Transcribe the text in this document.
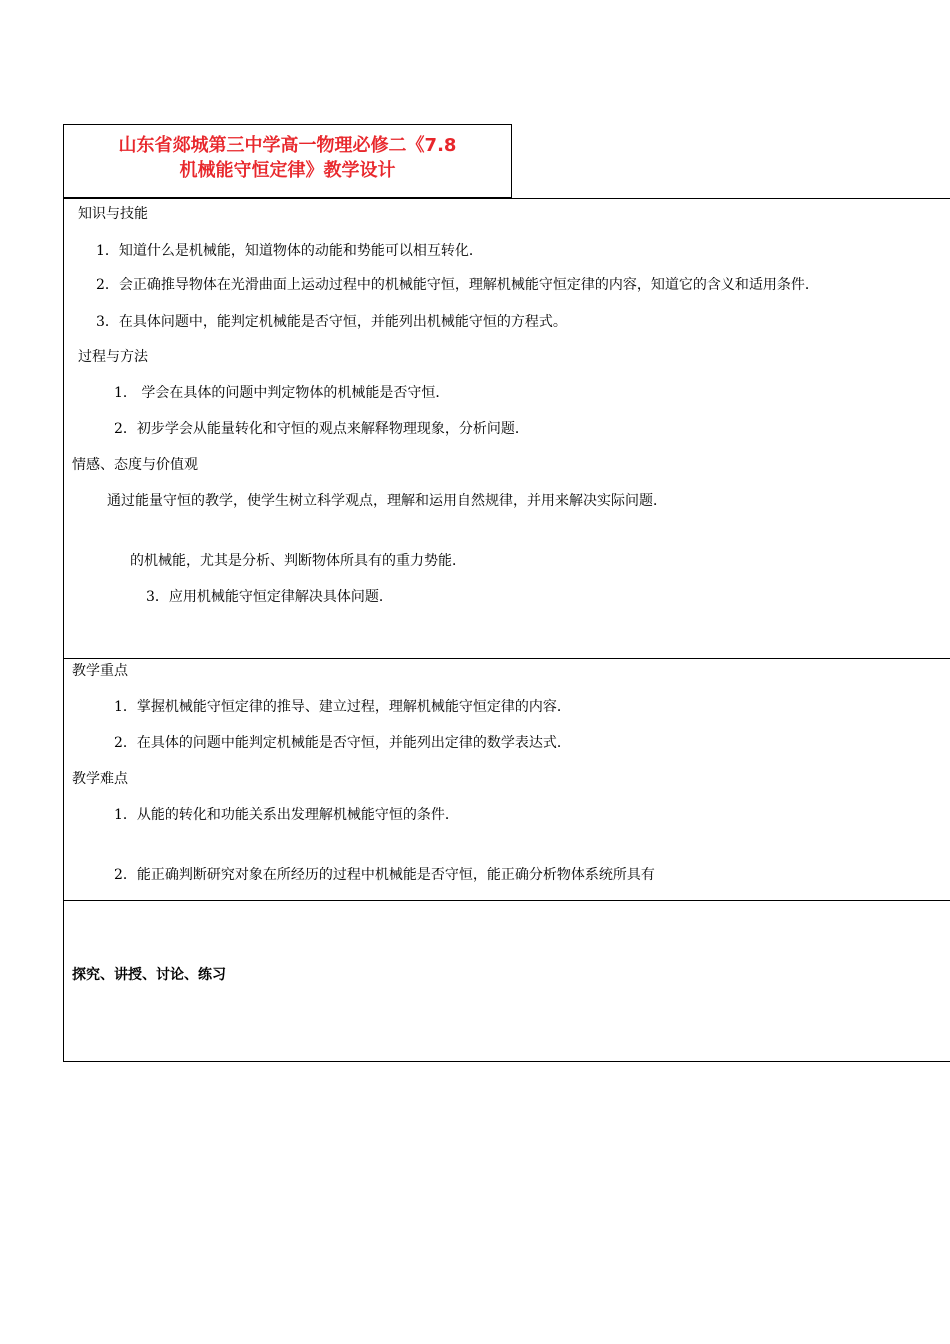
山东省郯城第三中学高一物理必修二《7.8
机械能守恒定律》教学设计
知识与技能
1．知道什么是机械能，知道物体的动能和势能可以相互转化．
2．会正确推导物体在光滑曲面上运动过程中的机械能守恒，理解机械能守恒定律的内容，知道它的含义和适用条件．
3．在具体问题中，能判定机械能是否守恒，并能列出机械能守恒的方程式。
过程与方法
1． 学会在具体的问题中判定物体的机械能是否守恒．
2．初步学会从能量转化和守恒的观点来解释物理现象，分析问题．
情感、态度与价值观
通过能量守恒的教学，使学生树立科学观点，理解和运用自然规律，并用来解决实际问题．
的机械能，尤其是分析、判断物体所具有的重力势能．
3．应用机械能守恒定律解决具体问题．
教学重点
1．掌握机械能守恒定律的推导、建立过程，理解机械能守恒定律的内容．
2．在具体的问题中能判定机械能是否守恒，并能列出定律的数学表达式．
教学难点
1．从能的转化和功能关系出发理解机械能守恒的条件．
2．能正确判断研究对象在所经历的过程中机械能是否守恒，能正确分析物体系统所具有
探究、讲授、讨论、练习
